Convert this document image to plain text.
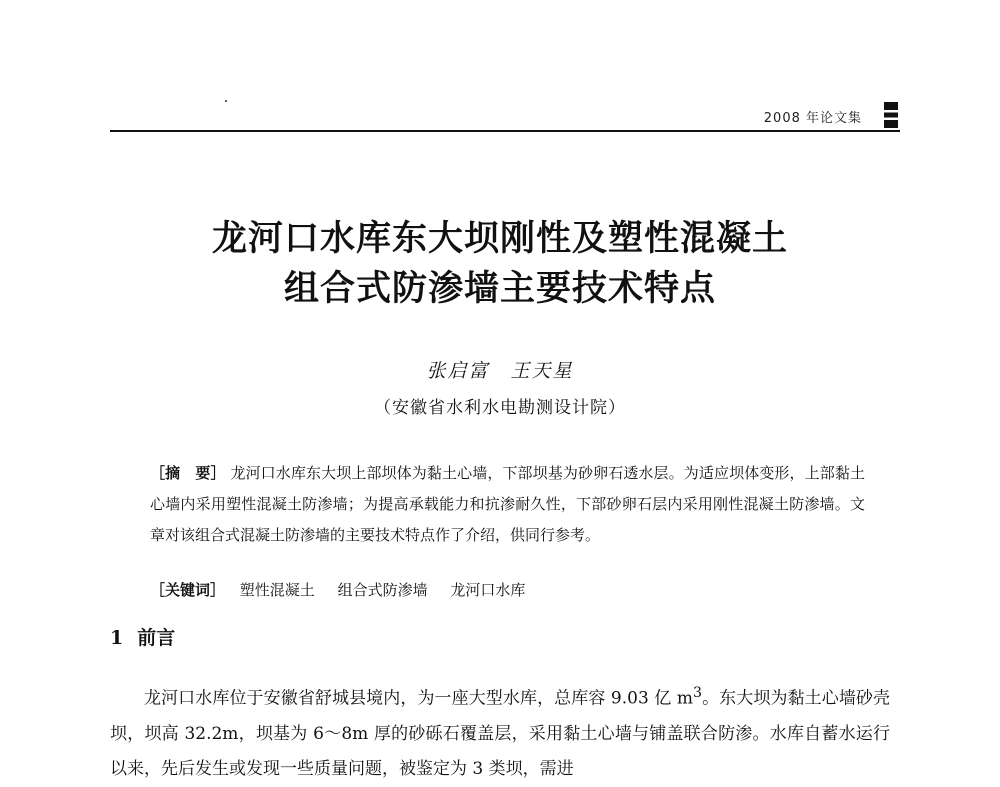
2008 年论文集
龙河口水库东大坝刚性及塑性混凝土
组合式防渗墙主要技术特点
张启富　王天星
（安徽省水利水电勘测设计院）
［摘　要］ 龙河口水库东大坝上部坝体为黏土心墙，下部坝基为砂卵石透水层。为适应坝体变形，上部黏土心墙内采用塑性混凝土防渗墙；为提高承载能力和抗渗耐久性，下部砂卵石层内采用刚性混凝土防渗墙。文章对该组合式混凝土防渗墙的主要技术特点作了介绍，供同行参考。
［关键词］ 塑性混凝土 组合式防渗墙 龙河口水库
1 前言
龙河口水库位于安徽省舒城县境内，为一座大型水库，总库容 9.03 亿 $m^3$。东大坝为黏土心墙砂壳坝，坝高 32.2m，坝基为 6～8m 厚的砂砾石覆盖层，采用黏土心墙与铺盖联合防渗。水库自蓄水运行以来，先后发生或发现一些质量问题，被鉴定为 3 类坝，需进
